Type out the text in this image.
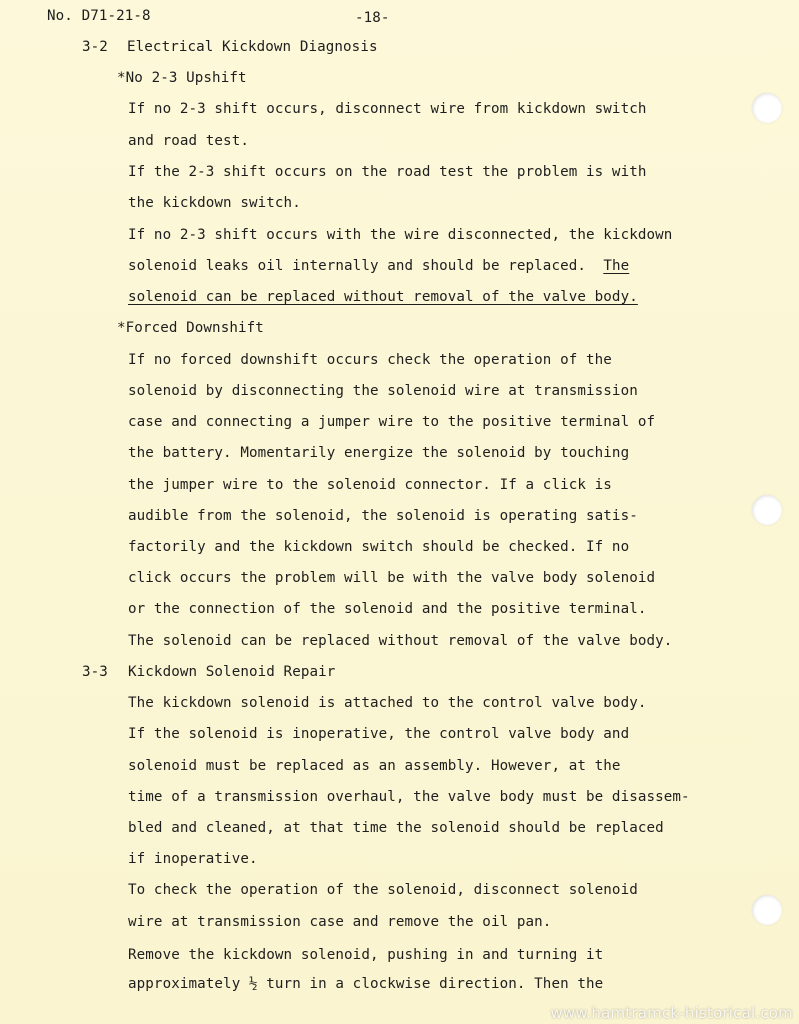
No. D71-21-8	-18-
3-2 Electrical Kickdown Diagnosis
*No 2-3 Upshift
If no 2-3 shift occurs, disconnect wire from kickdown switch
and road test.
If the 2-3 shift occurs on the road test the problem is with
the kickdown switch.
If no 2-3 shift occurs with the wire disconnected, the kickdown
solenoid leaks oil internally and should be replaced. The
solenoid can be replaced without removal of the valve body.
*Forced Downshift
If no forced downshift occurs check the operation of the
solenoid by disconnecting the solenoid wire at transmission
case and connecting a jumper wire to the positive terminal of
the battery. Momentarily energize the solenoid by touching
the jumper wire to the solenoid connector. If a click is
audible from the solenoid, the solenoid is operating satis-
factorily and the kickdown switch should be checked. If no
click occurs the problem will be with the valve body solenoid
or the connection of the solenoid and the positive terminal.
The solenoid can be replaced without removal of the valve body.
3-3 Kickdown Solenoid Repair
The kickdown solenoid is attached to the control valve body.
If the solenoid is inoperative, the control valve body and
solenoid must be replaced as an assembly. However, at the
time of a transmission overhaul, the valve body must be disassem-
bled and cleaned, at that time the solenoid should be replaced
if inoperative.
To check the operation of the solenoid, disconnect solenoid
wire at transmission case and remove the oil pan.
Remove the kickdown solenoid, pushing in and turning it
approximately ½ turn in a clockwise direction. Then the
www.hamtramck-historical.com
